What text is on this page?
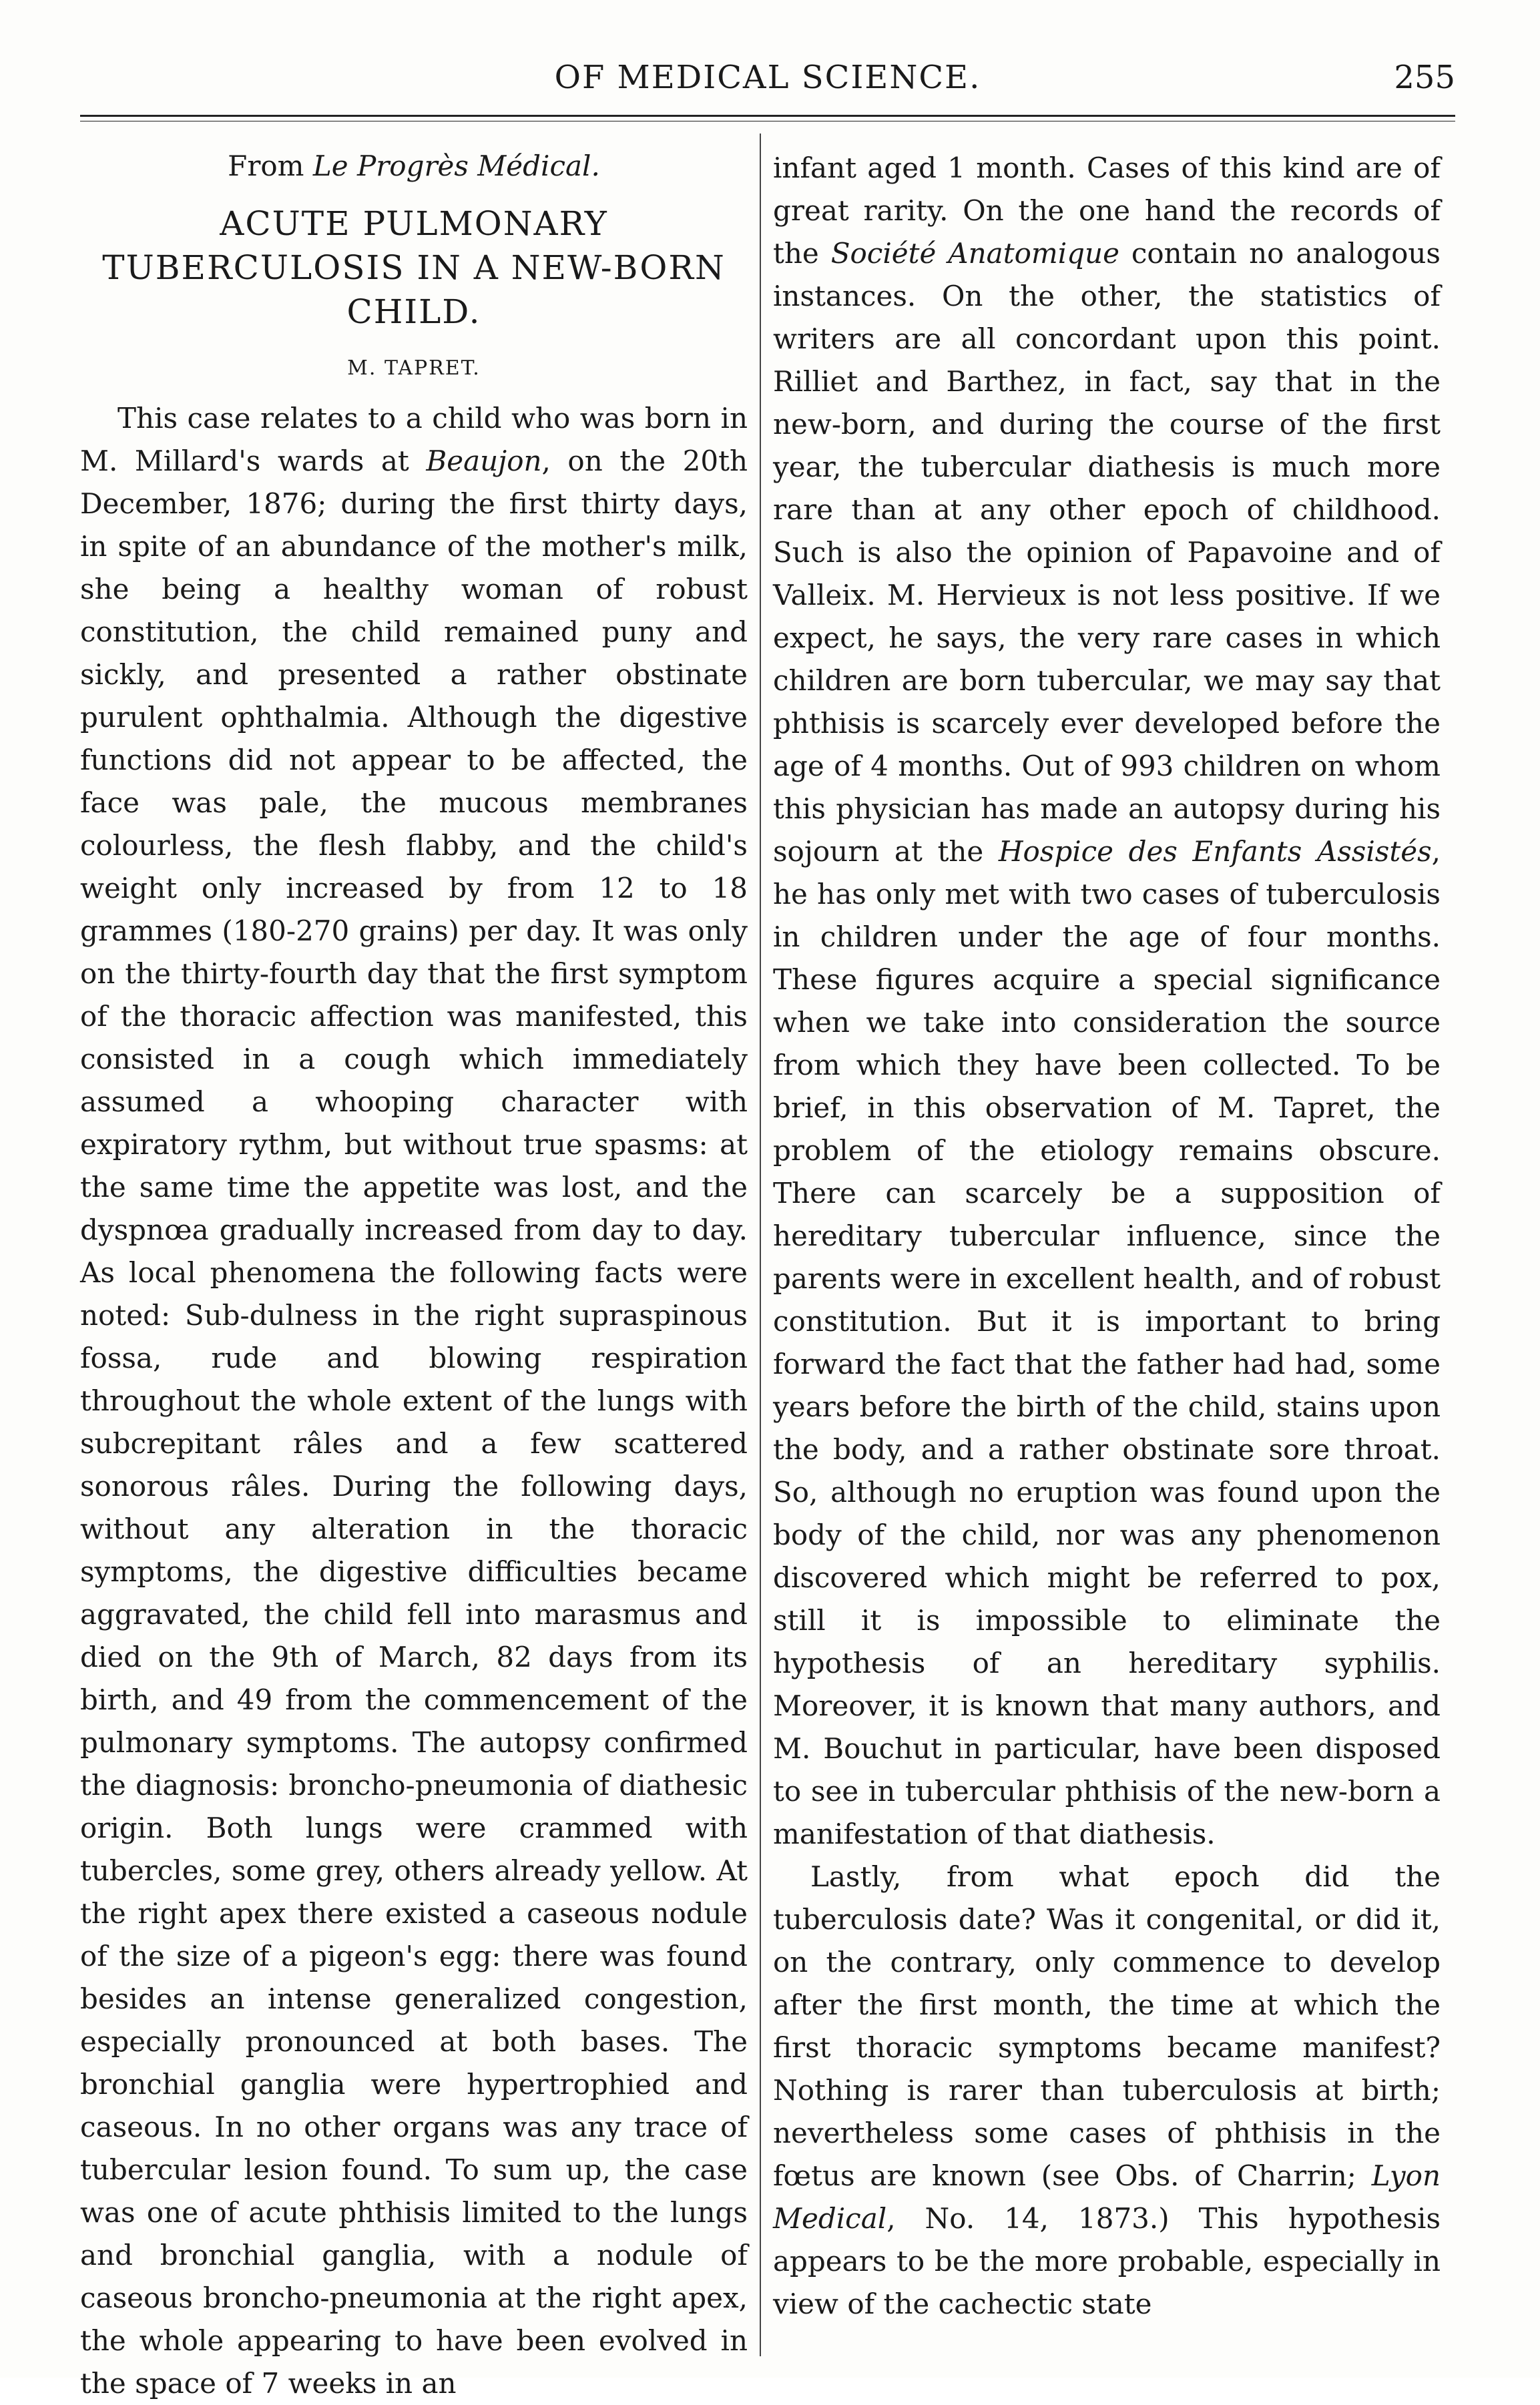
OF MEDICAL SCIENCE.	255

From Le Progrès Médical.

ACUTE PULMONARY TUBERCULOSIS IN A NEW-BORN CHILD.
M. TAPRET.

This case relates to a child who was born in M. Millard's wards at Beaujon, on the 20th December, 1876; during the first thirty days, in spite of an abundance of the mother's milk, she being a healthy woman of robust constitution, the child remained puny and sickly, and presented a rather obstinate purulent ophthalmia. Although the digestive functions did not appear to be affected, the face was pale, the mucous membranes colourless, the flesh flabby, and the child's weight only increased by from 12 to 18 grammes (180-270 grains) per day. It was only on the thirty-fourth day that the first symptom of the thoracic affection was manifested, this consisted in a cough which immediately assumed a whooping character with expiratory rythm, but without true spasms: at the same time the appetite was lost, and the dyspnœa gradually increased from day to day. As local phenomena the following facts were noted: Sub-dulness in the right supraspinous fossa, rude and blowing respiration throughout the whole extent of the lungs with subcrepitant râles and a few scattered sonorous râles. During the following days, without any alteration in the thoracic symptoms, the digestive difficulties became aggravated, the child fell into marasmus and died on the 9th of March, 82 days from its birth, and 49 from the commencement of the pulmonary symptoms. The autopsy confirmed the diagnosis: broncho-pneumonia of diathesic origin. Both lungs were crammed with tubercles, some grey, others already yellow. At the right apex there existed a caseous nodule of the size of a pigeon's egg: there was found besides an intense generalized congestion, especially pronounced at both bases. The bronchial ganglia were hypertrophied and caseous. In no other organs was any trace of tubercular lesion found. To sum up, the case was one of acute phthisis limited to the lungs and bronchial ganglia, with a nodule of caseous broncho-pneumonia at the right apex, the whole appearing to have been evolved in the space of 7 weeks in an

infant aged 1 month. Cases of this kind are of great rarity. On the one hand the records of the Société Anatomique contain no analogous instances. On the other, the statistics of writers are all concordant upon this point. Rilliet and Barthez, in fact, say that in the new-born, and during the course of the first year, the tubercular diathesis is much more rare than at any other epoch of childhood. Such is also the opinion of Papavoine and of Valleix. M. Hervieux is not less positive. If we expect, he says, the very rare cases in which children are born tubercular, we may say that phthisis is scarcely ever developed before the age of 4 months. Out of 993 children on whom this physician has made an autopsy during his sojourn at the Hospice des Enfants Assistés, he has only met with two cases of tuberculosis in children under the age of four months. These figures acquire a special significance when we take into consideration the source from which they have been collected. To be brief, in this observation of M. Tapret, the problem of the etiology remains obscure. There can scarcely be a supposition of hereditary tubercular influence, since the parents were in excellent health, and of robust constitution. But it is important to bring forward the fact that the father had had, some years before the birth of the child, stains upon the body, and a rather obstinate sore throat. So, although no eruption was found upon the body of the child, nor was any phenomenon discovered which might be referred to pox, still it is impossible to eliminate the hypothesis of an hereditary syphilis. Moreover, it is known that many authors, and M. Bouchut in particular, have been disposed to see in tubercular phthisis of the new-born a manifestation of that diathesis.

Lastly, from what epoch did the tuberculosis date? Was it congenital, or did it, on the contrary, only commence to develop after the first month, the time at which the first thoracic symptoms became manifest? Nothing is rarer than tuberculosis at birth; nevertheless some cases of phthisis in the fœtus are known (see Obs. of Charrin; Lyon Medical, No. 14, 1873.) This hypothesis appears to be the more probable, especially in view of the cachectic state
